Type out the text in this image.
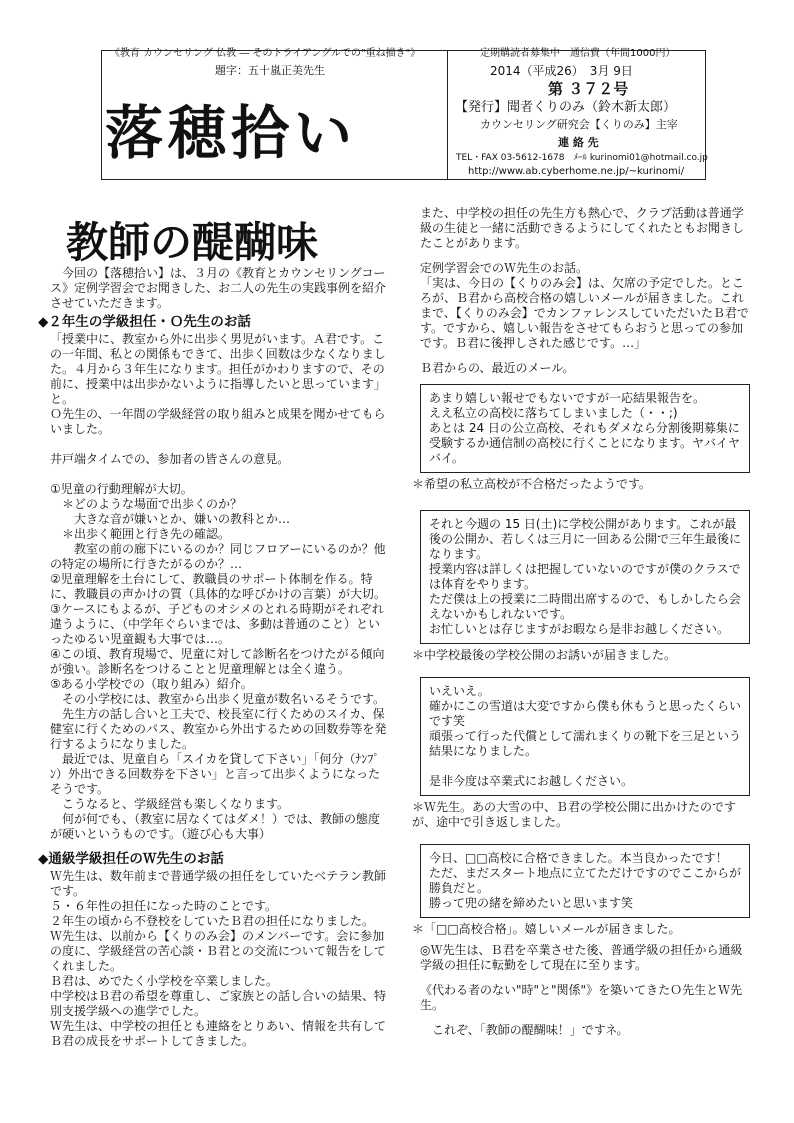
《教育 カウンセリング 仏教 ― そのトライアングルでの"重ね描き"》	定期購読者募集中　通信費（年間1000円）
題字：五十嵐正美先生
落穂拾い
2014（平成26）　3月 9日
第 ３７２号
【発行】聞者くりのみ（鈴木新太郎）
カウンセリング研究会【くりのみ】主宰
連 絡 先
TEL・FAX 03-5612-1678　ﾒｰﾙ kurinomi01@hotmail.co.jp
http://www.ab.cyberhome.ne.jp/~kurinomi/
教師の醍醐味

今回の【落穂拾い】は、３月の《教育とカウンセリングコース》定例学習会でお聞きした、お二人の先生の実践事例を紹介させていただきます。

◆２年生の学級担任・Ｏ先生のお話

「授業中に、教室から外に出歩く男児がいます。Ａ君です。この一年間、私との関係もできて、出歩く回数は少なくなりました。４月から３年生になります。担任がかわりますので、その前に、授業中は出歩かないように指導したいと思っています」と。
Ｏ先生の、一年間の学級経営の取り組みと成果を聞かせてもらいました。

井戸端タイムでの、参加者の皆さんの意見。

①児童の行動理解が大切。
　＊どのような場面で出歩くのか？
　　大きな音が嫌いとか、嫌いの教科とか…
　＊出歩く範囲と行き先の確認。
　　教室の前の廊下にいるのか？同じフロアーにいるのか？他の特定の場所に行きたがるのか？…
②児童理解を土台にして、教職員のサポート体制を作る。特に、教職員の声かけの質（具体的な呼びかけの言葉）が大切。
③ケースにもよるが、子どものオシメのとれる時期がそれぞれ違うように、（中学年ぐらいまでは、多動は普通のこと）といったゆるい児童観も大事では…。
④この頃、教育現場で、児童に対して診断名をつけたがる傾向が強い。診断名をつけることと児童理解とは全く違う。
⑤ある小学校での（取り組み）紹介。
　その小学校には、教室から出歩く児童が数名いるそうです。
　先生方の話し合いと工夫で、校長室に行くためのスイカ、保健室に行くためのパス、教室から外出するための回数券等を発行するようになりました。
　最近では、児童自ら「スイカを貸して下さい」「何分（ﾅﾝﾌﾟﾝ）外出できる回数券を下さい」と言って出歩くようになったそうです。
　こうなると、学級経営も楽しくなります。
　何が何でも、（教室に居なくてはダメ！）では、教師の態度が硬いというものです。（遊び心も大事）

◆通級学級担任のＷ先生のお話

Ｗ先生は、数年前まで普通学級の担任をしていたベテラン教師です。
５・６年性の担任になった時のことです。
２年生の頃から不登校をしていたＢ君の担任になりました。
Ｗ先生は、以前から【くりのみ会】のメンバーです。会に参加の度に、学級経営の苦心談・Ｂ君との交流について報告をしてくれました。
Ｂ君は、めでたく小学校を卒業しました。
中学校はＢ君の希望を尊重し、ご家族との話し合いの結果、特別支援学級への進学でした。
Ｗ先生は、中学校の担任とも連絡をとりあい、情報を共有してＢ君の成長をサポートしてきました。

また、中学校の担任の先生方も熱心で、クラブ活動は普通学級の生徒と一緒に活動できるようにしてくれたともお聞きしたことがあります。

定例学習会でのＷ先生のお話。
「実は、今日の【くりのみ会】は、欠席の予定でした。ところが、Ｂ君から高校合格の嬉しいメールが届きました。これまで、【くりのみ会】でカンファレンスしていただいたＢ君です。ですから、嬉しい報告をさせてもらおうと思っての参加です。Ｂ君に後押しされた感じです。…」

Ｂ君からの、最近のメール。

あまり嬉しい報せでもないですが一応結果報告を。
ええ私立の高校に落ちてしまいました（・・;)
あとは 24 日の公立高校、それもダメなら分割後期募集に受験するか通信制の高校に行くことになります。ヤバイヤバイ。

＊希望の私立高校が不合格だったようです。

それと今週の 15 日(土)に学校公開があります。これが最後の公開か、若しくは三月に一回ある公開で三年生最後になります。
授業内容は詳しくは把握していないのですが僕のクラスでは体育をやります。
ただ僕は上の授業に二時間出席するので、もしかしたら会えないかもしれないです。
お忙しいとは存じますがお暇なら是非お越しください。

＊中学校最後の学校公開のお誘いが届きました。

いえいえ。
確かにこの雪道は大変ですから僕も休もうと思ったくらいです笑
頑張って行った代償として濡れまくりの靴下を三足という結果になりました。

是非今度は卒業式にお越しください。

＊Ｗ先生。あの大雪の中、Ｂ君の学校公開に出かけたのですが、途中で引き返しました。

今日、□□高校に合格できました。本当良かったです！
ただ、まだスタート地点に立てただけですのでここからが勝負だと。
勝って兜の緒を締めたいと思います笑

＊「□□高校合格」。嬉しいメールが届きました。

◎Ｗ先生は、Ｂ君を卒業させた後、普通学級の担任から通級学級の担任に転勤をして現在に至ります。

《代わる者のない"時"と"関係"》を築いてきたＯ先生とＷ先生。

これぞ、「教師の醍醐味！」ですネ。
